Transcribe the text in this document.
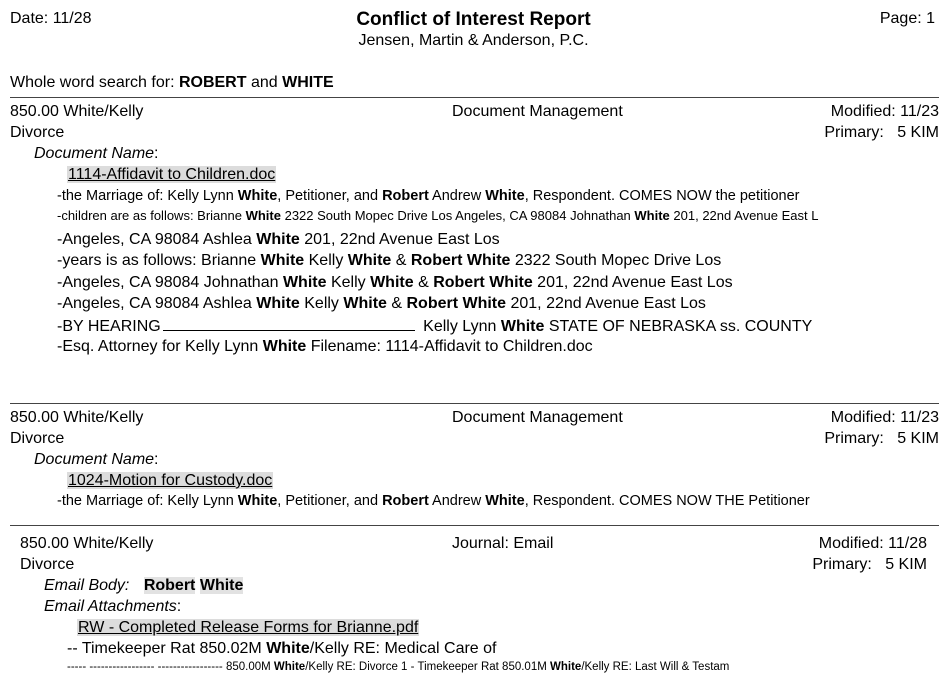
Date: 11/28	Conflict of Interest Report
Jensen, Martin & Anderson, P.C.
Page: 1
Whole word search for: ROBERT and WHITE
850.00 White/Kelly	Document Management	Modified: 11/23
Divorce	Primary:   5 KIM
Document Name:
1114-Affidavit to Children.doc
-the Marriage of: Kelly Lynn White, Petitioner, and Robert Andrew White, Respondent. COMES NOW the petitioner
-children are as follows: Brianne White 2322 South Mopec Drive Los Angeles, CA 98084 Johnathan White 201, 22nd Avenue East L
-Angeles, CA 98084 Ashlea White 201, 22nd Avenue East Los
-years is as follows: Brianne White Kelly White & Robert White 2322 South Mopec Drive Los
-Angeles, CA 98084 Johnathan White Kelly White & Robert White 201, 22nd Avenue East Los
-Angeles, CA 98084 Ashlea White Kelly White & Robert White 201, 22nd Avenue East Los
-BY HEARING	Kelly Lynn White STATE OF NEBRASKA ss. COUNTY
-Esq. Attorney for Kelly Lynn White Filename: 1114-Affidavit to Children.doc
850.00 White/Kelly	Document Management	Modified: 11/23
Divorce	Primary:   5 KIM
Document Name:
1024-Motion for Custody.doc
-the Marriage of: Kelly Lynn White, Petitioner, and Robert Andrew White, Respondent. COMES NOW THE Petitioner
850.00 White/Kelly	Journal: Email	Modified: 11/28
Divorce	Primary:   5 KIM
Email Body: Robert White
Email Attachments:
RW - Completed Release Forms for Brianne.pdf
-- Timekeeper Rat 850.02M White/Kelly RE: Medical Care of
----- ----------------- ----------------- 850.00M White/Kelly RE: Divorce 1 - Timekeeper Rat 850.01M White/Kelly RE: Last Will & Testam
